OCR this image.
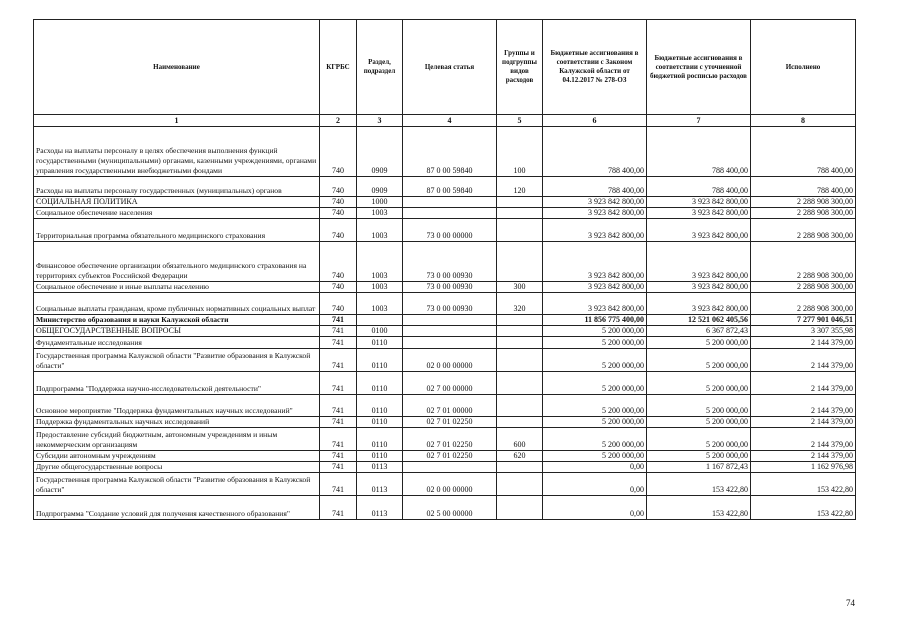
Наименование	КГРБС	Раздел, подраздел	Целевая статья	Группы и подгруппы видов расходов	Бюджетные ассигнования в соответствии с Законом Калужской области от 04.12.2017 № 278-ОЗ	Бюджетные ассигнования в соответствии с уточненной бюджетной росписью расходов	Исполнено
1	2	3	4	5	6	7	8
Расходы на выплаты персоналу в целях обеспечения выполнения функций государственными (муниципальными) органами, казенными учреждениями, органами управления государственными внебюджетными фондами	740	0909	87 0 00 59840	100	788 400,00	788 400,00	788 400,00
Расходы на выплаты персоналу государственных (муниципальных) органов	740	0909	87 0 00 59840	120	788 400,00	788 400,00	788 400,00
СОЦИАЛЬНАЯ ПОЛИТИКА	740	1000			3 923 842 800,00	3 923 842 800,00	2 288 908 300,00
Социальное обеспечение населения	740	1003			3 923 842 800,00	3 923 842 800,00	2 288 908 300,00
Территориальная программа обязательного медицинского страхования	740	1003	73 0 00 00000		3 923 842 800,00	3 923 842 800,00	2 288 908 300,00
Финансовое обеспечение организации обязательного медицинского страхования на территориях субъектов Российской Федерации	740	1003	73 0 00 00930		3 923 842 800,00	3 923 842 800,00	2 288 908 300,00
Социальное обеспечение и иные выплаты населению	740	1003	73 0 00 00930	300	3 923 842 800,00	3 923 842 800,00	2 288 908 300,00
Социальные выплаты гражданам, кроме публичных нормативных социальных выплат	740	1003	73 0 00 00930	320	3 923 842 800,00	3 923 842 800,00	2 288 908 300,00
Министерство образования и науки Калужской области	741				11 856 775 400,00	12 521 062 405,56	7 277 901 046,51
ОБЩЕГОСУДАРСТВЕННЫЕ ВОПРОСЫ	741	0100			5 200 000,00	6 367 872,43	3 307 355,98
Фундаментальные исследования	741	0110			5 200 000,00	5 200 000,00	2 144 379,00
Государственная программа Калужской области "Развитие образования в Калужской области"	741	0110	02 0 00 00000		5 200 000,00	5 200 000,00	2 144 379,00
Подпрограмма "Поддержка научно-исследовательской деятельности"	741	0110	02 7 00 00000		5 200 000,00	5 200 000,00	2 144 379,00
Основное мероприятие "Поддержка фундаментальных научных исследований"	741	0110	02 7 01 00000		5 200 000,00	5 200 000,00	2 144 379,00
Поддержка фундаментальных научных исследований	741	0110	02 7 01 02250		5 200 000,00	5 200 000,00	2 144 379,00
Предоставление субсидий бюджетным, автономным учреждениям и иным некоммерческим организациям	741	0110	02 7 01 02250	600	5 200 000,00	5 200 000,00	2 144 379,00
Субсидии автономным учреждениям	741	0110	02 7 01 02250	620	5 200 000,00	5 200 000,00	2 144 379,00
Другие общегосударственные вопросы	741	0113			0,00	1 167 872,43	1 162 976,98
Государственная программа Калужской области "Развитие образования в Калужской области"	741	0113	02 0 00 00000		0,00	153 422,80	153 422,80
Подпрограмма "Создание условий для получения качественного образования"	741	0113	02 5 00 00000		0,00	153 422,80	153 422,80
74
